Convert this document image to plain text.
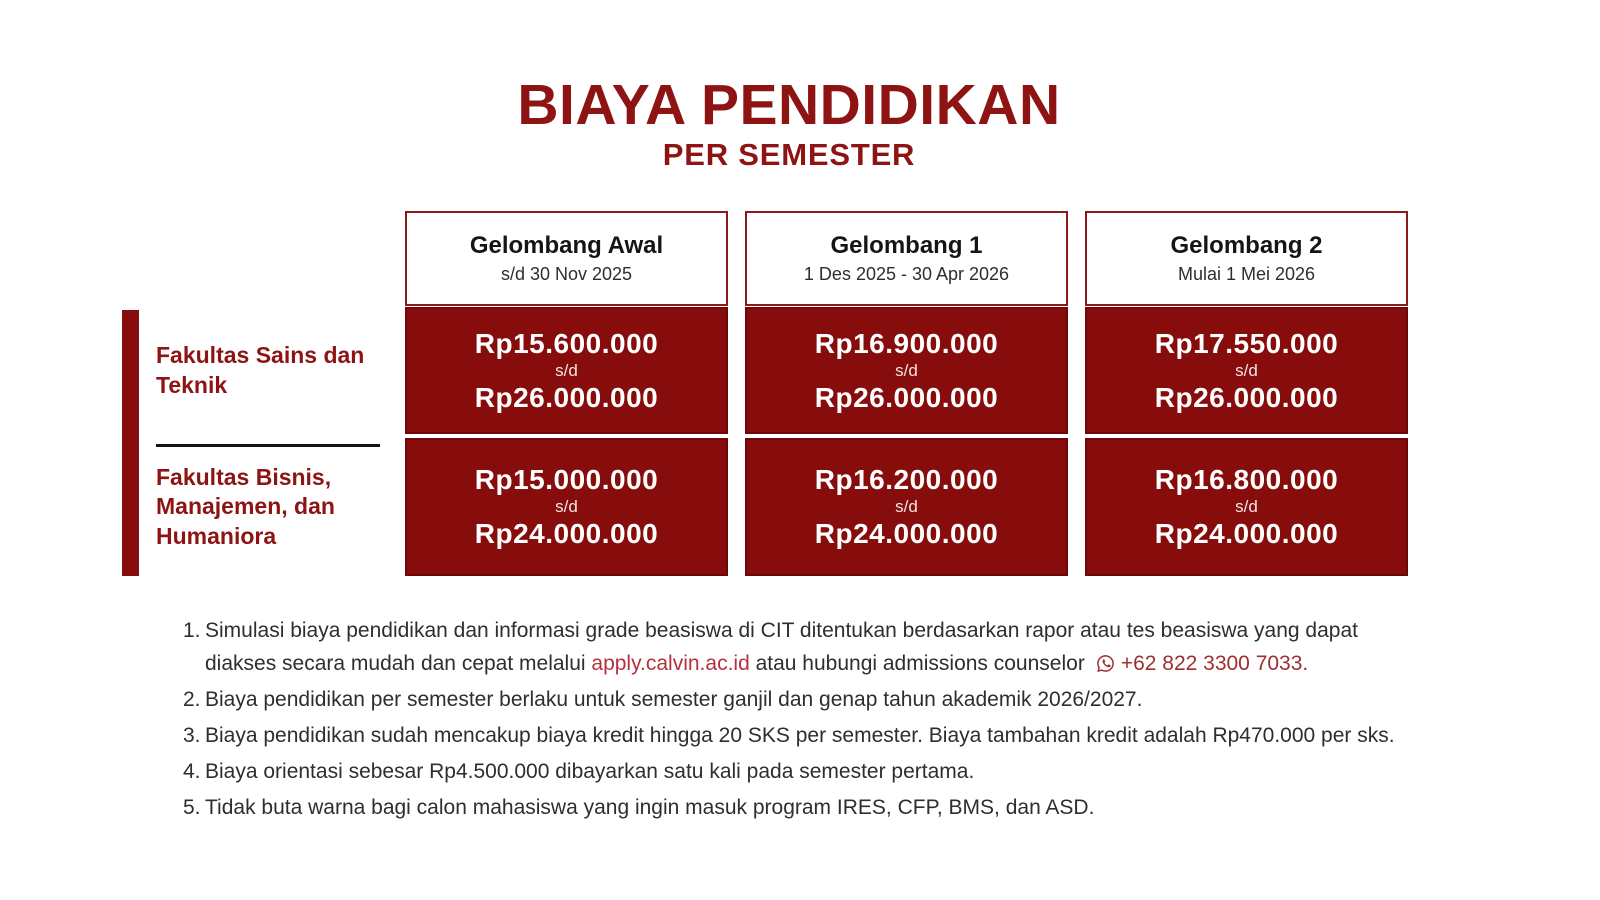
BIAYA PENDIDIKAN
PER SEMESTER
Gelombang Awal
s/d 30 Nov 2025
Gelombang 1
1 Des 2025 - 30 Apr 2026
Gelombang 2
Mulai 1 Mei 2026
Fakultas Sains dan Teknik
Fakultas Bisnis, Manajemen, dan Humaniora
Rp15.600.000
s/d
Rp26.000.000
Rp16.900.000
s/d
Rp26.000.000
Rp17.550.000
s/d
Rp26.000.000
Rp15.000.000
s/d
Rp24.000.000
Rp16.200.000
s/d
Rp24.000.000
Rp16.800.000
s/d
Rp24.000.000
1. Simulasi biaya pendidikan dan informasi grade beasiswa di CIT ditentukan berdasarkan rapor atau tes beasiswa yang dapat
diakses secara mudah dan cepat melalui apply.calvin.ac.id atau hubungi admissions counselor +62 822 3300 7033.
2. Biaya pendidikan per semester berlaku untuk semester ganjil dan genap tahun akademik 2026/2027.
3. Biaya pendidikan sudah mencakup biaya kredit hingga 20 SKS per semester. Biaya tambahan kredit adalah Rp470.000 per sks.
4. Biaya orientasi sebesar Rp4.500.000 dibayarkan satu kali pada semester pertama.
5. Tidak buta warna bagi calon mahasiswa yang ingin masuk program IRES, CFP, BMS, dan ASD.
